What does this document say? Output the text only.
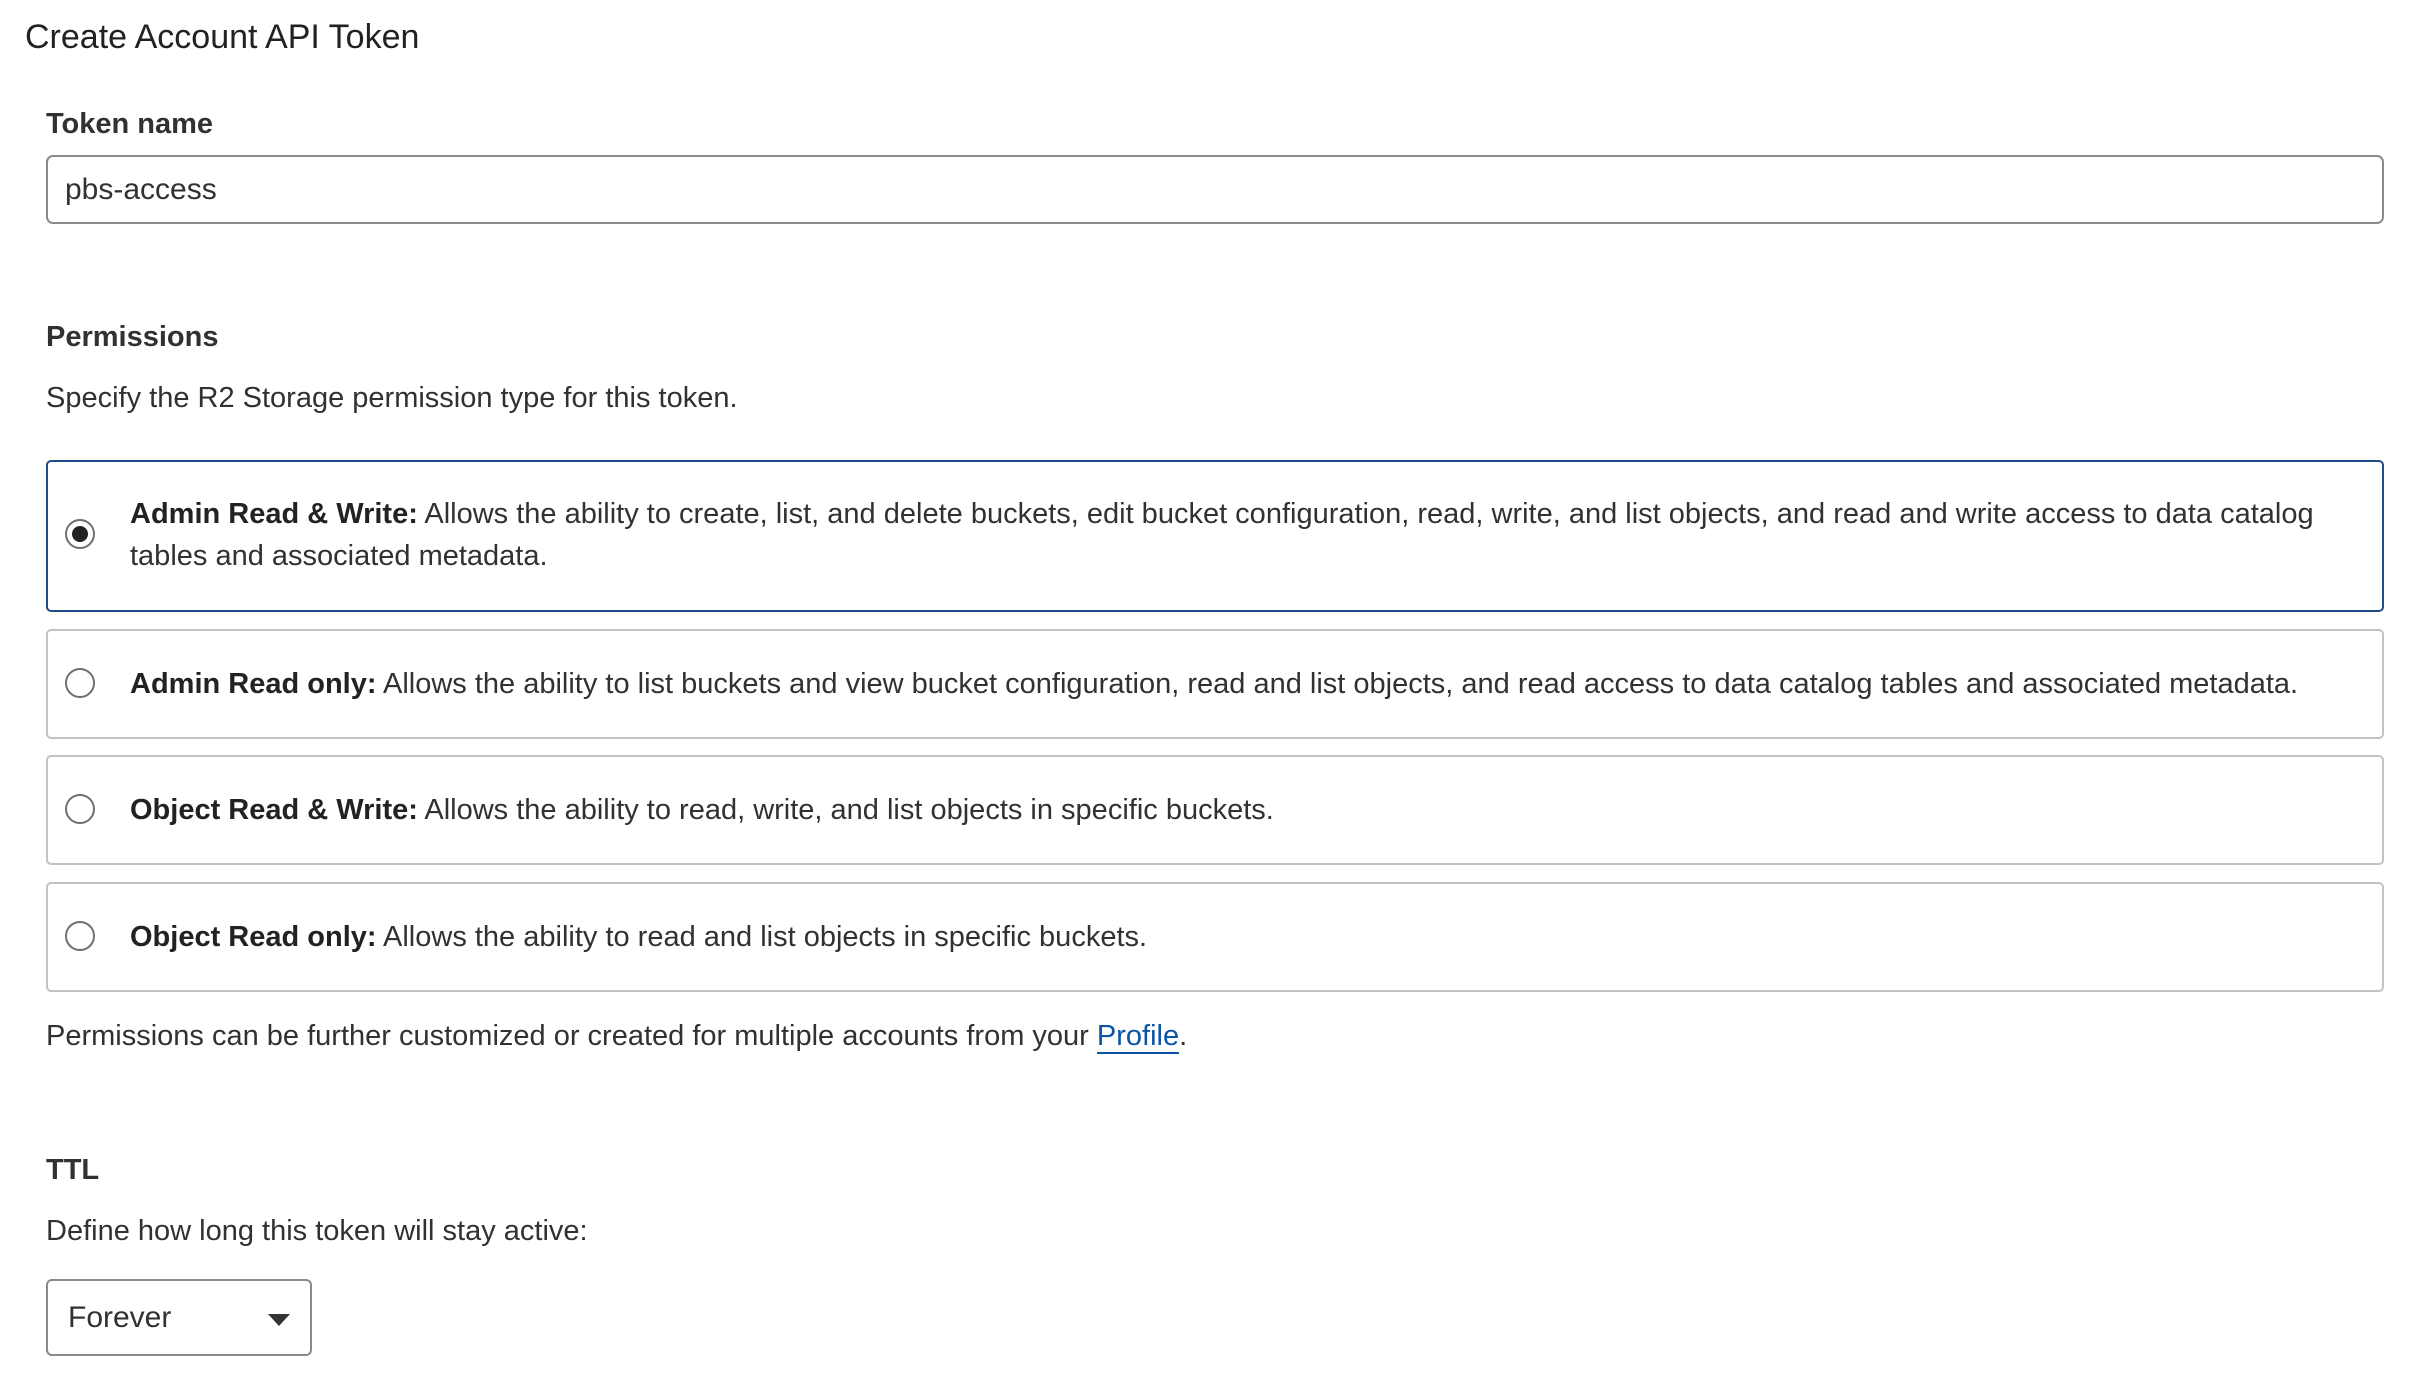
Create Account API Token
Token name
pbs-access
Permissions
Specify the R2 Storage permission type for this token.
Admin Read & Write: Allows the ability to create, list, and delete buckets, edit bucket configuration, read, write, and list objects, and read and write access to data catalog tables and associated metadata.
Admin Read only: Allows the ability to list buckets and view bucket configuration, read and list objects, and read access to data catalog tables and associated metadata.
Object Read & Write: Allows the ability to read, write, and list objects in specific buckets.
Object Read only: Allows the ability to read and list objects in specific buckets.
Permissions can be further customized or created for multiple accounts from your Profile.
TTL
Define how long this token will stay active:
Forever
